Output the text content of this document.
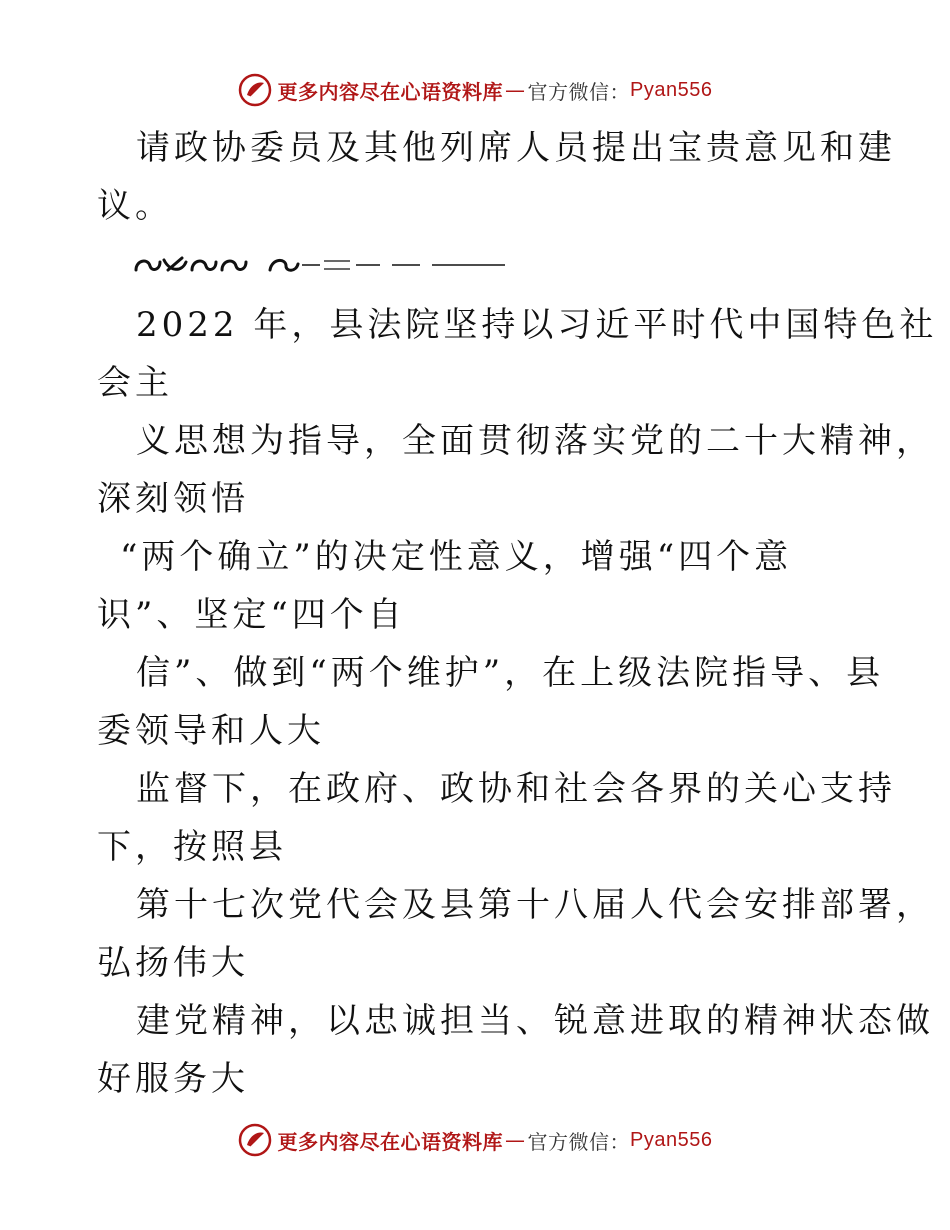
更多内容尽在心语资料库 — 官方微信： Pyan556
请政协委员及其他列席人员提出宝贵意见和建
议。
2022 年，县法院坚持以习近平时代中国特色社
会主
义思想为指导，全面贯彻落实党的二十大精神，
深刻领悟
“两个确立”的决定性意义，增强“四个意
识”、坚定“四个自
信”、做到“两个维护”，在上级法院指导、县
委领导和人大
监督下，在政府、政协和社会各界的关心支持
下，按照县
第十七次党代会及县第十八届人代会安排部署，
弘扬伟大
建党精神，以忠诚担当、锐意进取的精神状态做
好服务大
更多内容尽在心语资料库 — 官方微信： Pyan556
